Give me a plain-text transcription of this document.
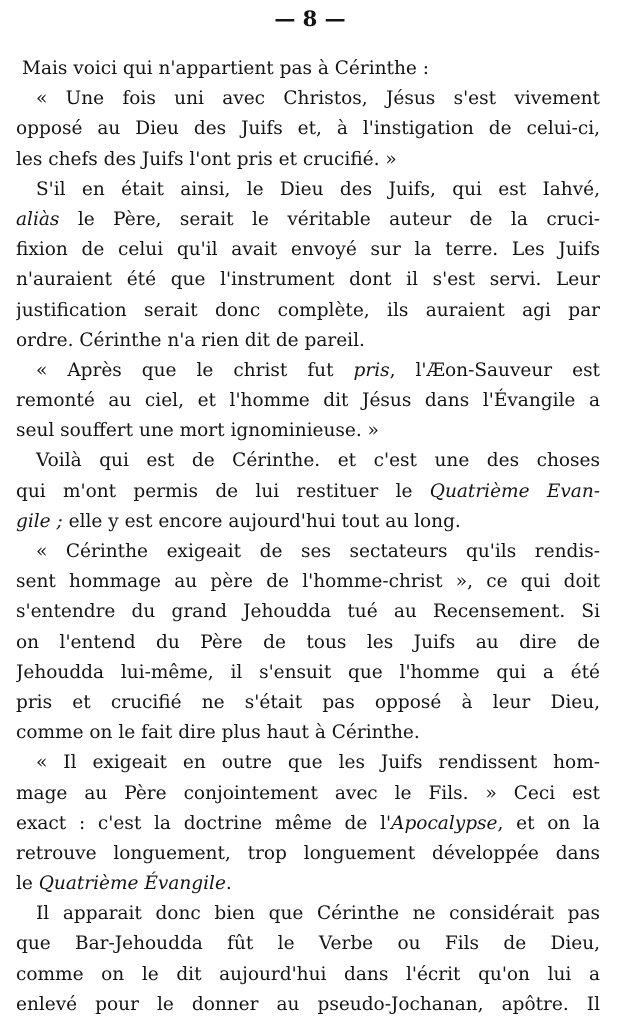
— 8 —
Mais voici qui n'appartient pas à Cérinthe :
« Une fois uni avec Christos, Jésus s'est vivement
opposé au Dieu des Juifs et, à l'instigation de celui-ci,
les chefs des Juifs l'ont pris et crucifié. »
S'il en était ainsi, le Dieu des Juifs, qui est Iahvé,
aliàs le Père, serait le véritable auteur de la cruci-
fixion de celui qu'il avait envoyé sur la terre. Les Juifs
n'auraient été que l'instrument dont il s'est servi. Leur
justification serait donc complète, ils auraient agi par
ordre. Cérinthe n'a rien dit de pareil.
« Après que le christ fut pris, l'Æon-Sauveur est
remonté au ciel, et l'homme dit Jésus dans l'Évangile a
seul souffert une mort ignominieuse. »
Voilà qui est de Cérinthe. et c'est une des choses
qui m'ont permis de lui restituer le Quatrième Evan-
gile ; elle y est encore aujourd'hui tout au long.
« Cérinthe exigeait de ses sectateurs qu'ils rendis-
sent hommage au père de l'homme-christ », ce qui doit
s'entendre du grand Jehoudda tué au Recensement. Si
on l'entend du Père de tous les Juifs au dire de
Jehoudda lui-même, il s'ensuit que l'homme qui a été
pris et crucifié ne s'était pas opposé à leur Dieu,
comme on le fait dire plus haut à Cérinthe.
« Il exigeait en outre que les Juifs rendissent hom-
mage au Père conjointement avec le Fils. » Ceci est
exact : c'est la doctrine même de l'Apocalypse, et on la
retrouve longuement, trop longuement développée dans
le Quatrième Évangile.
Il apparait donc bien que Cérinthe ne considérait pas
que Bar-Jehoudda fût le Verbe ou Fils de Dieu,
comme on le dit aujourd'hui dans l'écrit qu'on lui a
enlevé pour le donner au pseudo-Jochanan, apôtre. Il
